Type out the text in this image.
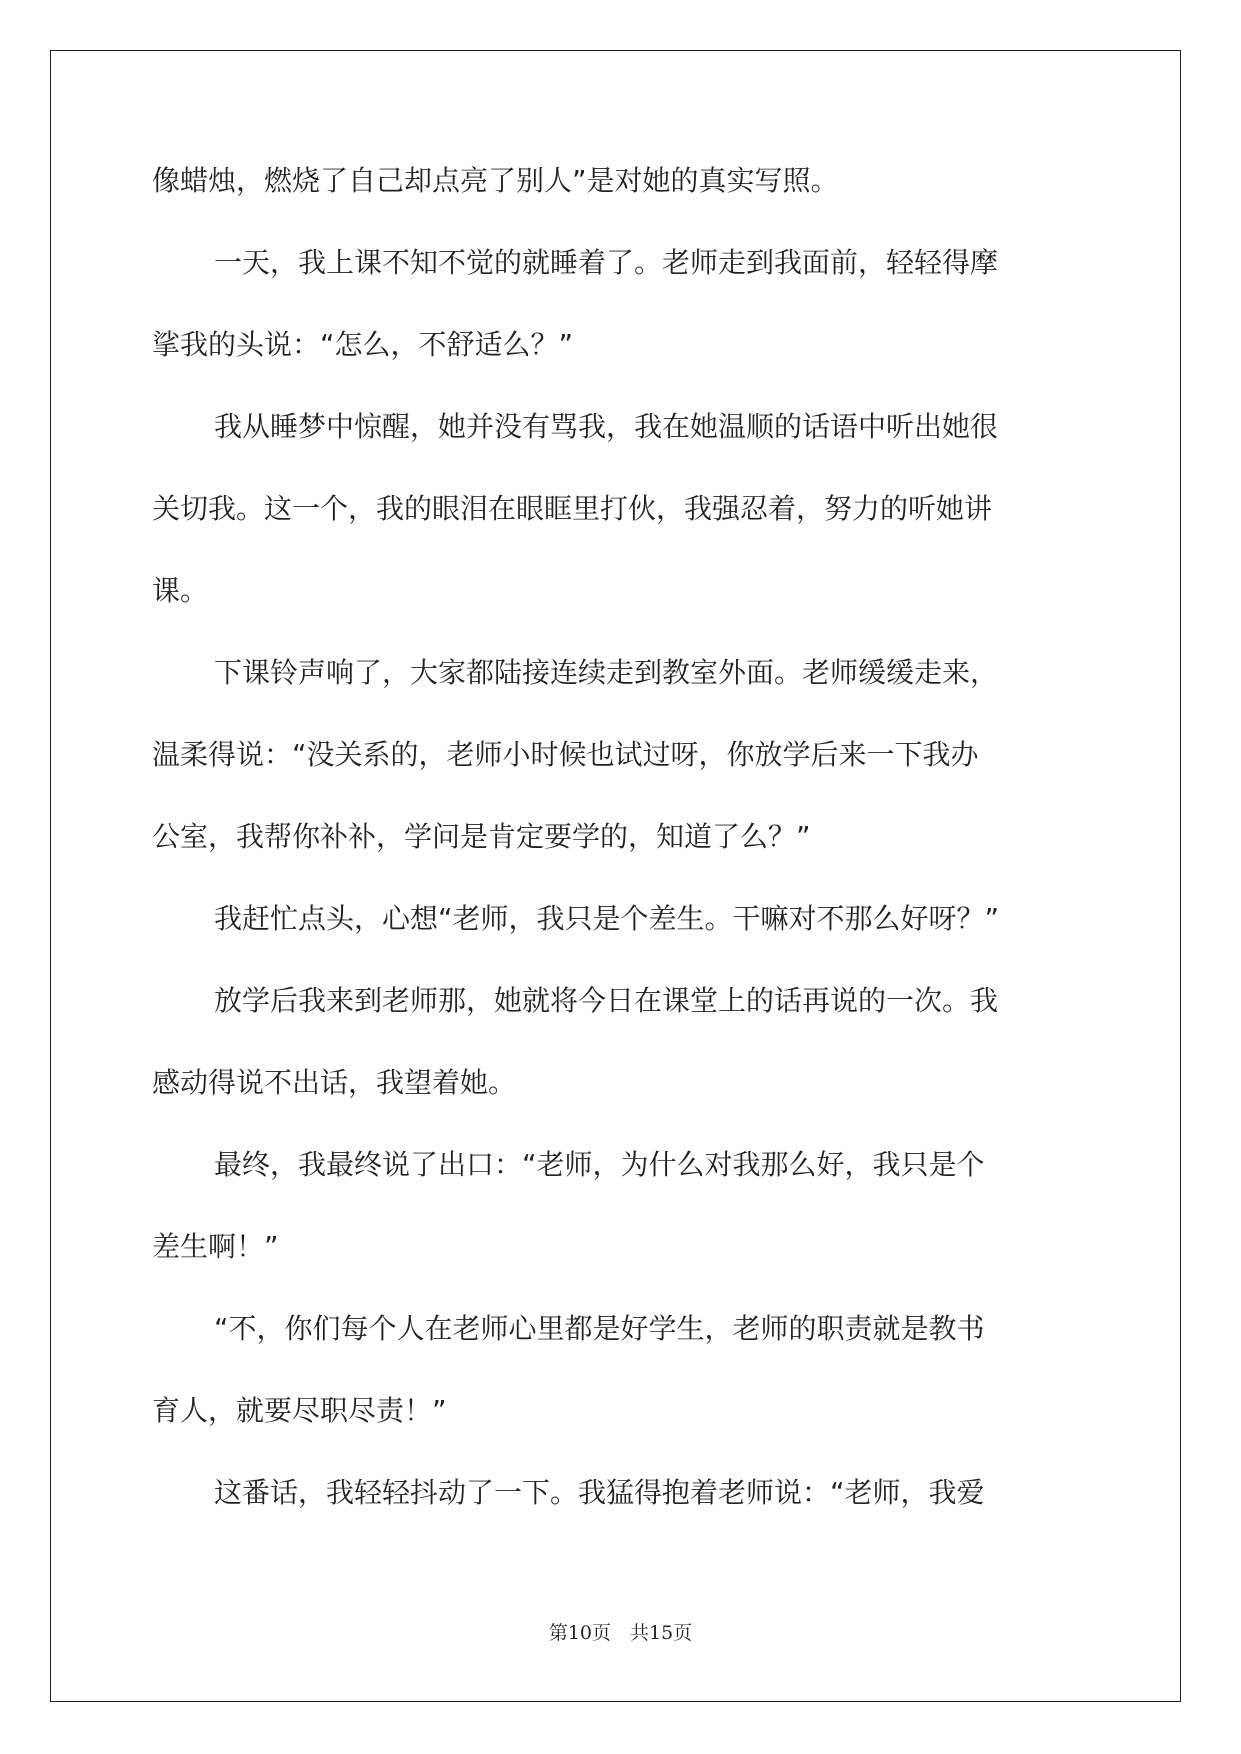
像蜡烛，燃烧了自己却点亮了别人”是对她的真实写照。
一天，我上课不知不觉的就睡着了。老师走到我面前，轻轻得摩
挲我的头说：“怎么，不舒适么？”
我从睡梦中惊醒，她并没有骂我，我在她温顺的话语中听出她很
关切我。这一个，我的眼泪在眼眶里打伙，我强忍着，努力的听她讲
课。
下课铃声响了，大家都陆接连续走到教室外面。老师缓缓走来，
温柔得说：“没关系的，老师小时候也试过呀，你放学后来一下我办
公室，我帮你补补，学问是肯定要学的，知道了么？”
我赶忙点头，心想“老师，我只是个差生。干嘛对不那么好呀？”
放学后我来到老师那，她就将今日在课堂上的话再说的一次。我
感动得说不出话，我望着她。
最终，我最终说了出口：“老师，为什么对我那么好，我只是个
差生啊！”
“不，你们每个人在老师心里都是好学生，老师的职责就是教书
育人，就要尽职尽责！”
这番话，我轻轻抖动了一下。我猛得抱着老师说：“老师，我爱
第10页　共15页
